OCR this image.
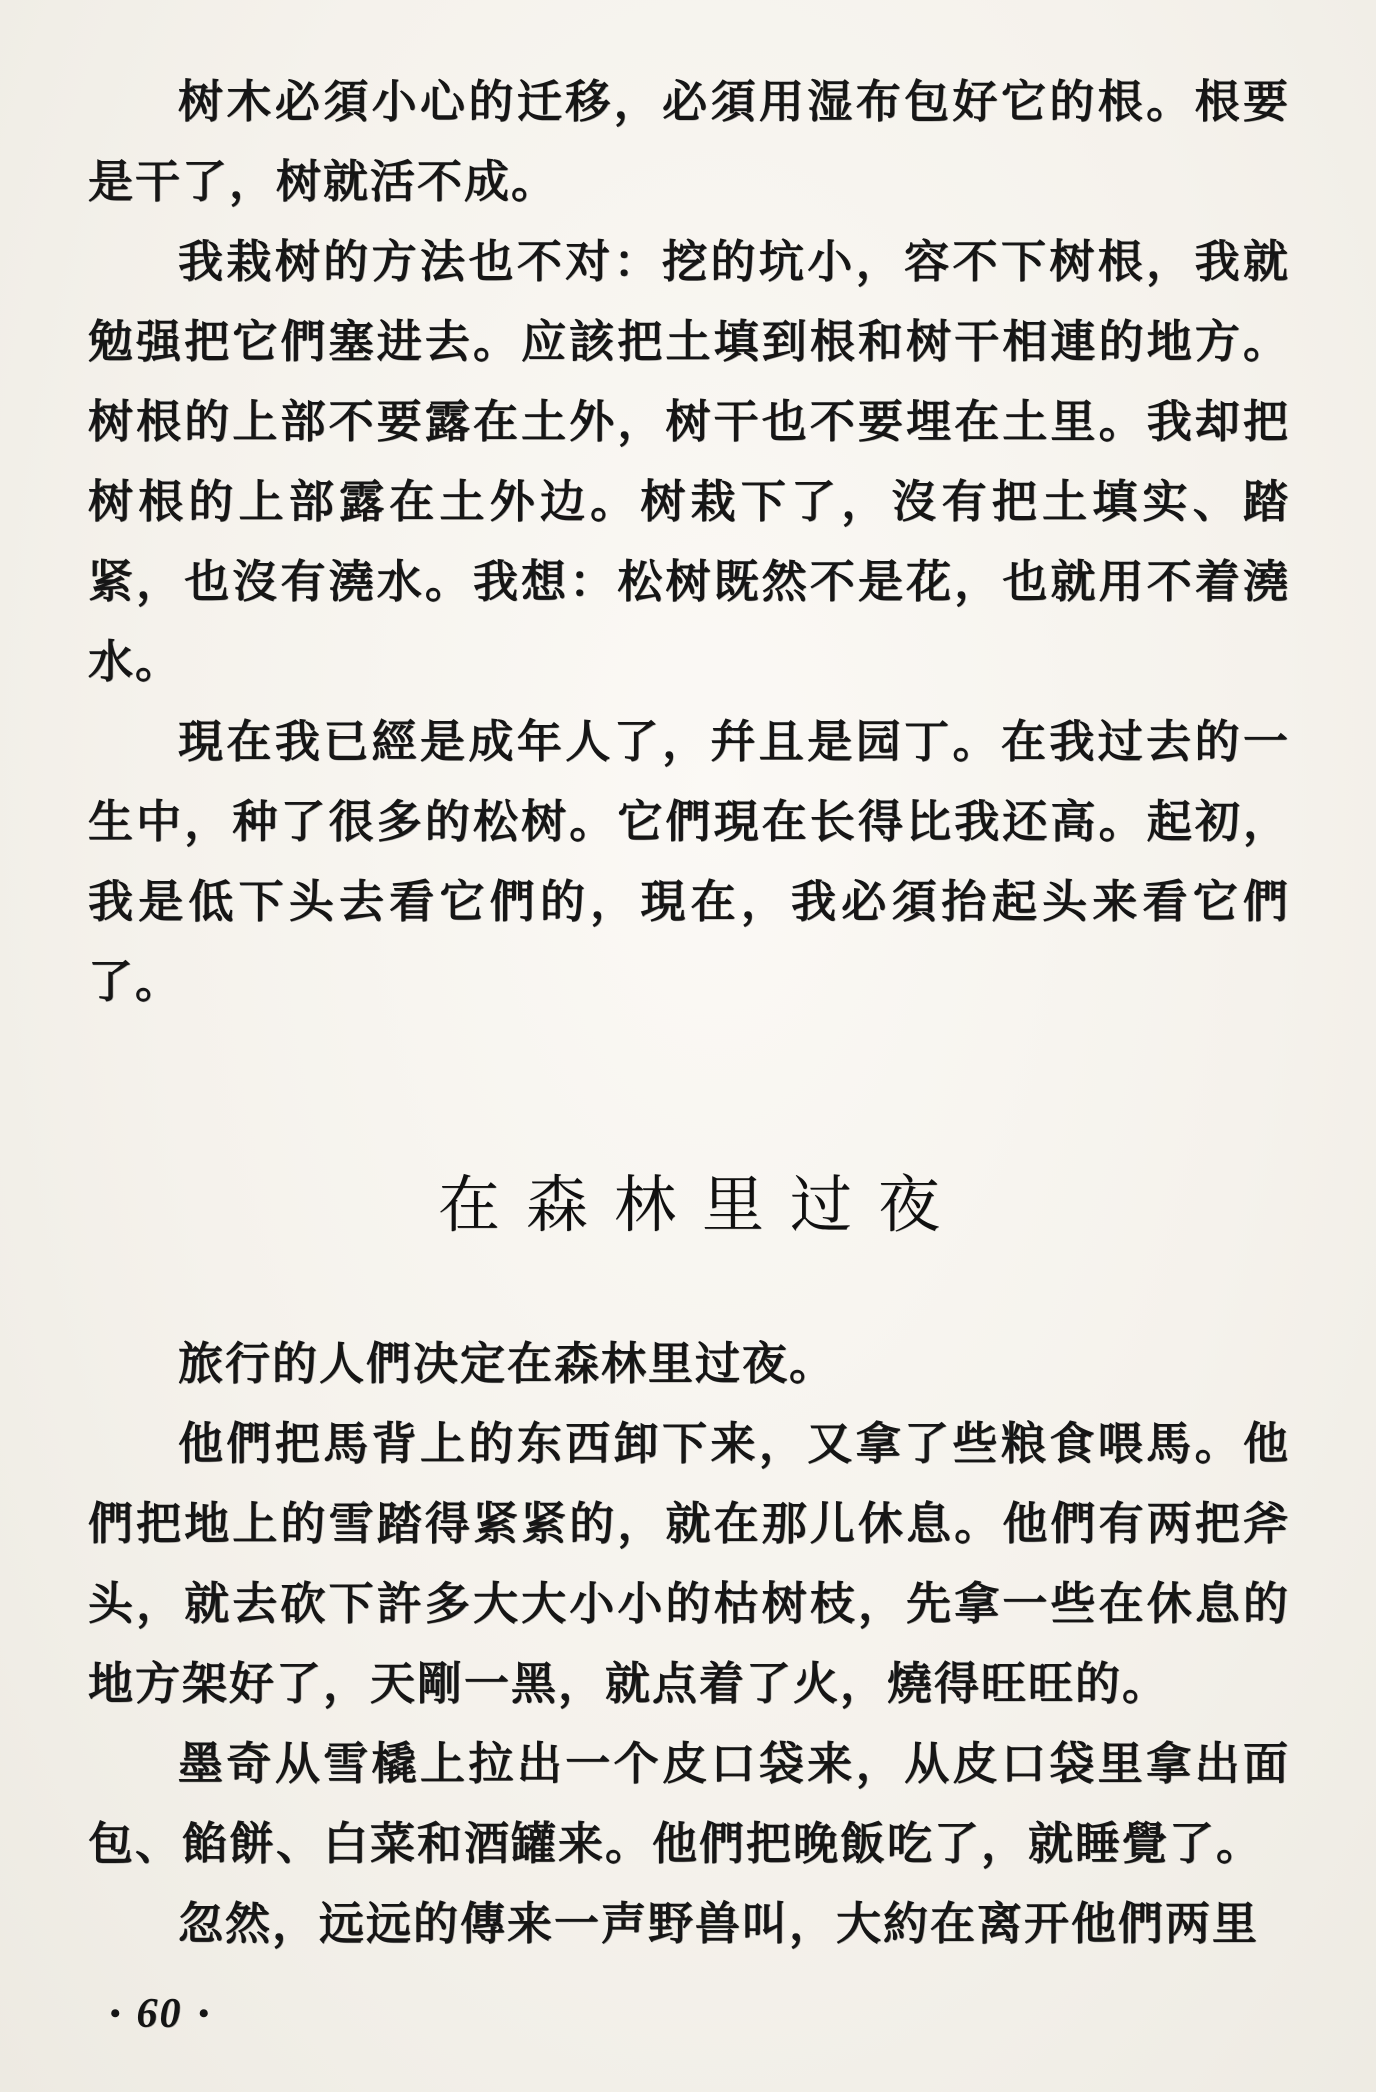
树木必須小心的迁移，必須用湿布包好它的根。根要是干了，树就活不成。

我栽树的方法也不对：挖的坑小，容不下树根，我就勉强把它們塞进去。应該把土填到根和树干相連的地方。树根的上部不要露在土外，树干也不要埋在土里。我却把树根的上部露在土外边。树栽下了，沒有把土填实、踏紧，也沒有澆水。我想：松树既然不是花，也就用不着澆水。

現在我已經是成年人了，幷且是园丁。在我过去的一生中，种了很多的松树。它們現在长得比我还高。起初，我是低下头去看它們的，現在，我必須抬起头来看它們了。

在森林里过夜

旅行的人們决定在森林里过夜。

他們把馬背上的东西卸下来，又拿了些粮食喂馬。他們把地上的雪踏得紧紧的，就在那儿休息。他們有两把斧头，就去砍下許多大大小小的枯树枝，先拿一些在休息的地方架好了，天剛一黑，就点着了火，燒得旺旺的。

墨奇从雪橇上拉出一个皮口袋来，从皮口袋里拿出面包、餡餅、白菜和酒罐来。他們把晚飯吃了，就睡覺了。

忽然，远远的傳来一声野兽叫，大約在离开他們两里

• 60 •
